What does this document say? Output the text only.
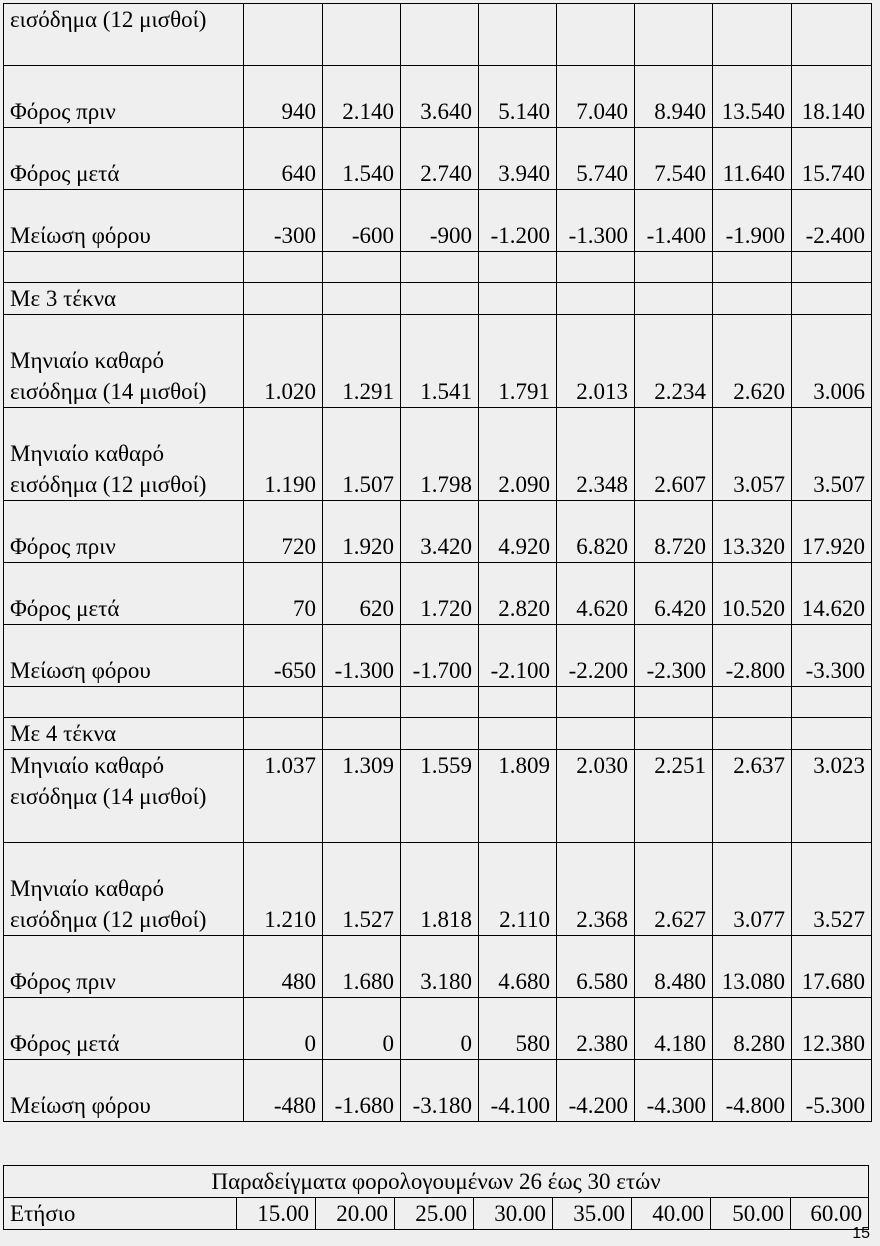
εισόδημα (12 μισθοί)								
Φόρος πριν	940	2.140	3.640	5.140	7.040	8.940	13.540	18.140
Φόρος μετά	640	1.540	2.740	3.940	5.740	7.540	11.640	15.740
Μείωση φόρου	-300	-600	-900	-1.200	-1.300	-1.400	-1.900	-2.400

Με 3 τέκνα								
Μηνιαίο καθαρό εισόδημα (14 μισθοί)	1.020	1.291	1.541	1.791	2.013	2.234	2.620	3.006
Μηνιαίο καθαρό εισόδημα (12 μισθοί)	1.190	1.507	1.798	2.090	2.348	2.607	3.057	3.507
Φόρος πριν	720	1.920	3.420	4.920	6.820	8.720	13.320	17.920
Φόρος μετά	70	620	1.720	2.820	4.620	6.420	10.520	14.620
Μείωση φόρου	-650	-1.300	-1.700	-2.100	-2.200	-2.300	-2.800	-3.300

Με 4 τέκνα								
Μηνιαίο καθαρό εισόδημα (14 μισθοί)	1.037	1.309	1.559	1.809	2.030	2.251	2.637	3.023
Μηνιαίο καθαρό εισόδημα (12 μισθοί)	1.210	1.527	1.818	2.110	2.368	2.627	3.077	3.527
Φόρος πριν	480	1.680	3.180	4.680	6.580	8.480	13.080	17.680
Φόρος μετά	0	0	0	580	2.380	4.180	8.280	12.380
Μείωση φόρου	-480	-1.680	-3.180	-4.100	-4.200	-4.300	-4.800	-5.300
Παραδείγματα φορολογουμένων 26 έως 30 ετών
Ετήσιο	15.00	20.00	25.00	30.00	35.00	40.00	50.00	60.00
15
